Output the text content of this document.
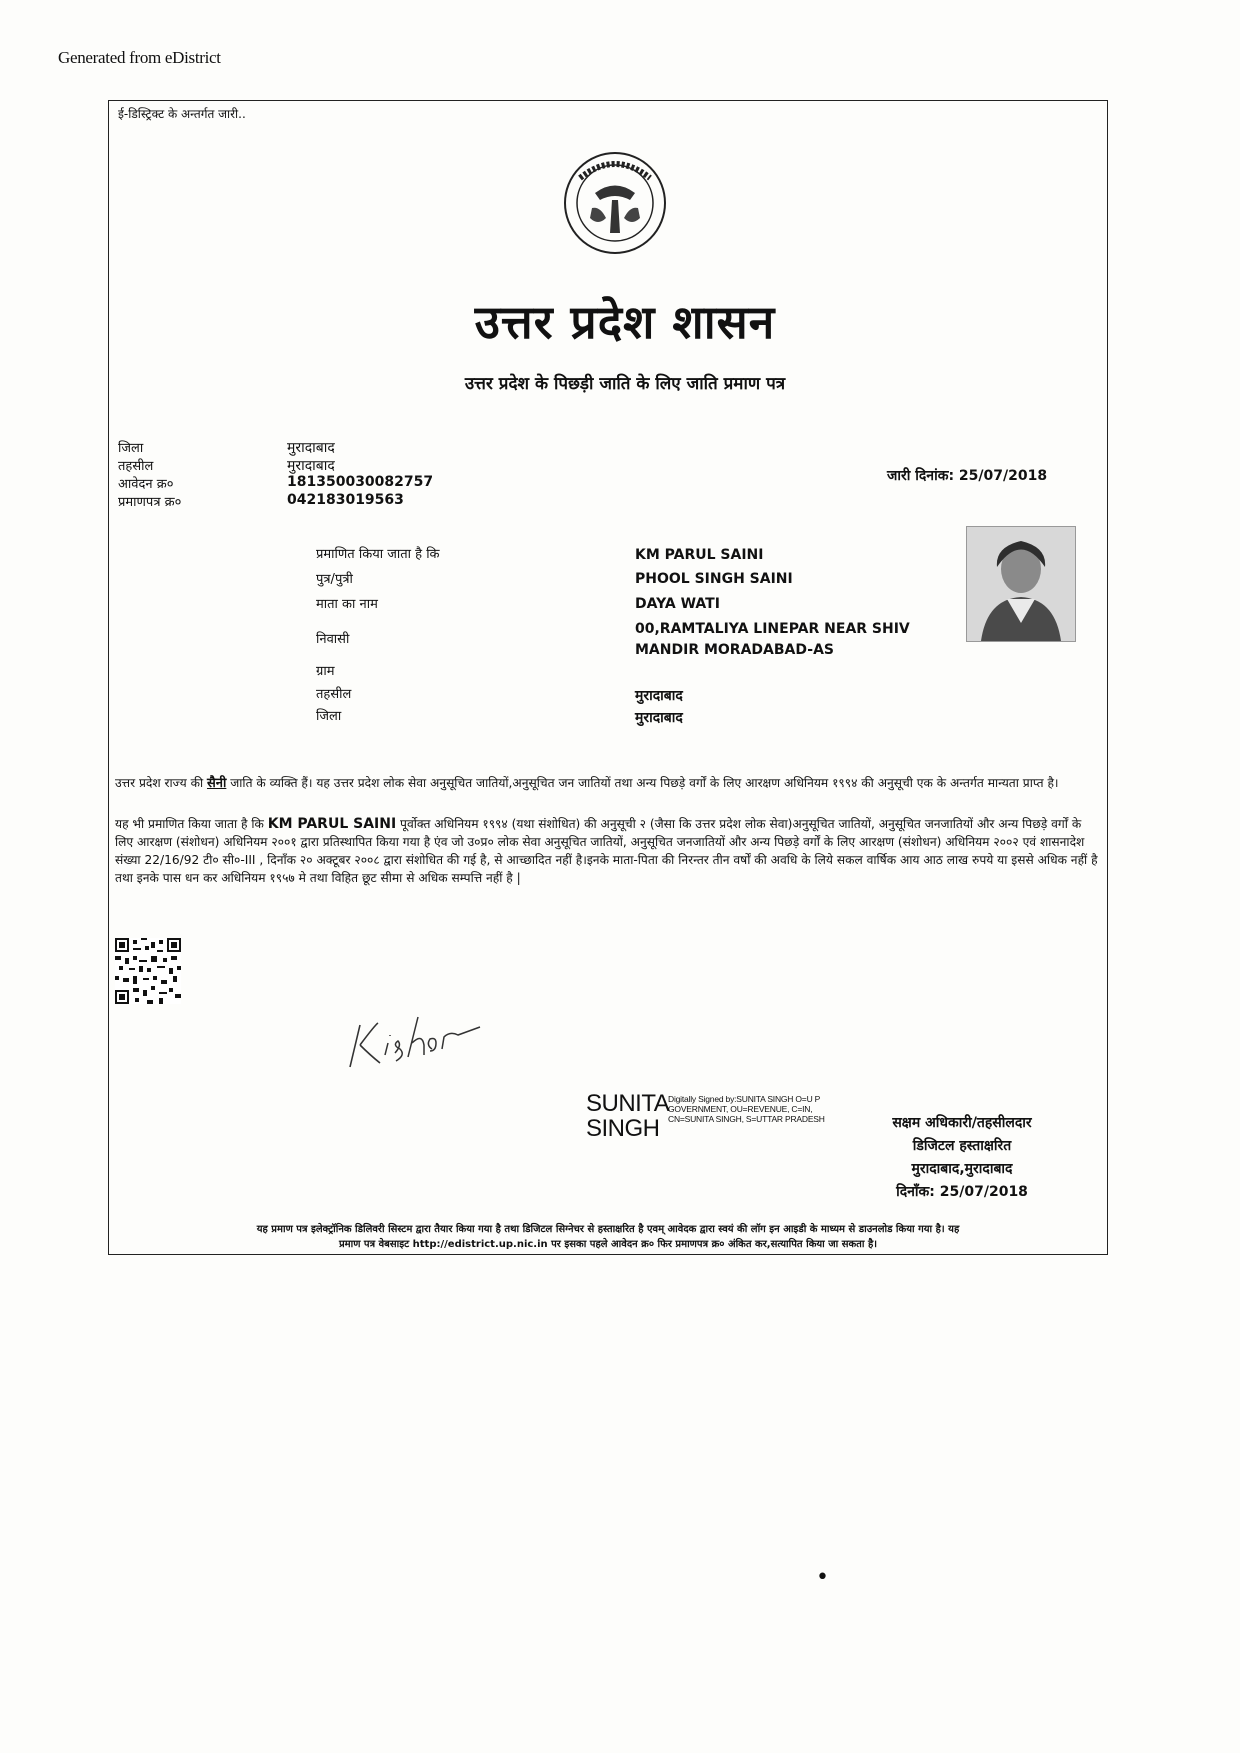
Generated from eDistrict
ई-डिस्ट्रिक्ट के अन्तर्गत जारी..
उत्तर प्रदेश शासन
उत्तर प्रदेश के पिछड़ी जाति के लिए जाति प्रमाण पत्र
जिला
तहसील
आवेदन क्र०
प्रमाणपत्र क्र०
मुरादाबाद
मुरादाबाद
181350030082757
042183019563
जारी दिनांक: 25/07/2018
प्रमाणित किया जाता है कि
पुत्र/पुत्री
माता का नाम
निवासी
ग्राम
तहसील
जिला
KM PARUL SAINI
PHOOL SINGH SAINI
DAYA WATI
00,RAMTALIYA LINEPAR NEAR SHIV
MANDIR MORADABAD-AS
मुरादाबाद
मुरादाबाद
उत्तर प्रदेश राज्य की सैनी जाति के व्यक्ति हैं। यह उत्तर प्रदेश लोक सेवा अनुसूचित जातियों,अनुसूचित जन जातियों तथा अन्य पिछड़े वर्गों के लिए आरक्षण अधिनियम १९९४ की अनुसूची एक के अन्तर्गत मान्यता प्राप्त है।
यह भी प्रमाणित किया जाता है कि KM PARUL SAINI पूर्वोक्त अधिनियम १९९४ (यथा संशोधित) की अनुसूची २ (जैसा कि उत्तर प्रदेश लोक सेवा)अनुसूचित जातियों, अनुसूचित जनजातियों और अन्य पिछड़े वर्गों के लिए आरक्षण (संशोधन) अधिनियम २००१ द्वारा प्रतिस्थापित किया गया है एंव जो उ०प्र० लोक सेवा अनुसूचित जातियों, अनुसूचित जनजातियों और अन्य पिछड़े वर्गों के लिए आरक्षण (संशोधन) अधिनियम २००२ एवं शासनादेश संख्या 22/16/92 टी० सी०-III , दिनाँक २० अक्टूबर २००८ द्वारा संशोधित की गई है, से आच्छादित नहीं है।इनके माता-पिता की निरन्तर तीन वर्षों की अवधि के लिये सकल वार्षिक आय आठ लाख रुपये या इससे अधिक नहीं है तथा इनके पास धन कर अधिनियम १९५७ मे तथा विहित छूट सीमा से अधिक सम्पत्ति नहीं है |
SUNITA
SINGH
Digitally Signed by:SUNITA SINGH O=U P GOVERNMENT, OU=REVENUE, C=IN, CN=SUNITA SINGH, S=UTTAR PRADESH	सक्षम अधिकारी/तहसीलदार
डिजिटल हस्ताक्षरित
मुरादाबाद,मुरादाबाद
दिनाँक: 25/07/2018
यह प्रमाण पत्र इलेक्ट्रॉनिक डिलिवरी सिस्टम द्वारा तैयार किया गया है तथा डिजिटल सिग्नेचर से हस्ताक्षरित है एवम् आवेदक द्वारा स्वयं की लॉग इन आइडी के माध्यम से डाउनलोड किया गया है। यह
प्रमाण पत्र वेबसाइट http://edistrict.up.nic.in पर इसका पहले आवेदन क्र० फिर प्रमाणपत्र क्र० अंकित कर,सत्यापित किया जा सकता है।
•
